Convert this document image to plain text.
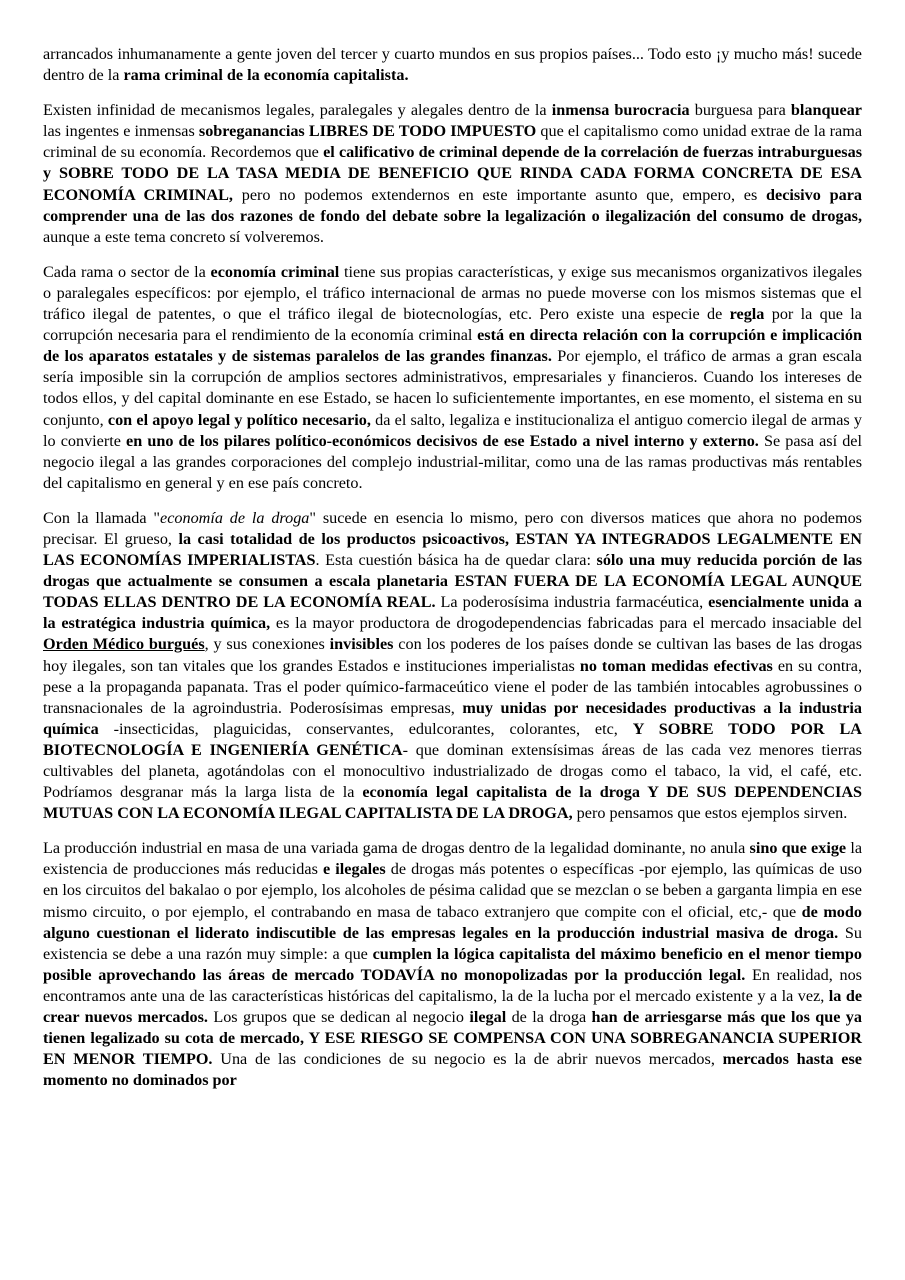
arrancados inhumanamente a gente joven del tercer y cuarto mundos en sus propios países... Todo esto ¡y mucho más! sucede dentro de la rama criminal de la economía capitalista.

Existen infinidad de mecanismos legales, paralegales y alegales dentro de la inmensa burocracia burguesa para blanquear las ingentes e inmensas sobreganancias LIBRES DE TODO IMPUESTO que el capitalismo como unidad extrae de la rama criminal de su economía. Recordemos que el calificativo de criminal depende de la correlación de fuerzas intraburguesas y SOBRE TODO DE LA TASA MEDIA DE BENEFICIO QUE RINDA CADA FORMA CONCRETA DE ESA ECONOMÍA CRIMINAL, pero no podemos extendernos en este importante asunto que, empero, es decisivo para comprender una de las dos razones de fondo del debate sobre la legalización o ilegalización del consumo de drogas, aunque a este tema concreto sí volveremos.

Cada rama o sector de la economía criminal tiene sus propias características, y exige sus mecanismos organizativos ilegales o paralegales específicos: por ejemplo, el tráfico internacional de armas no puede moverse con los mismos sistemas que el tráfico ilegal de patentes, o que el tráfico ilegal de biotecnologías, etc. Pero existe una especie de regla por la que la corrupción necesaria para el rendimiento de la economía criminal está en directa relación con la corrupción e implicación de los aparatos estatales y de sistemas paralelos de las grandes finanzas. Por ejemplo, el tráfico de armas a gran escala sería imposible sin la corrupción de amplios sectores administrativos, empresariales y financieros. Cuando los intereses de todos ellos, y del capital dominante en ese Estado, se hacen lo suficientemente importantes, en ese momento, el sistema en su conjunto, con el apoyo legal y político necesario, da el salto, legaliza e institucionaliza el antiguo comercio ilegal de armas y lo convierte en uno de los pilares político-económicos decisivos de ese Estado a nivel interno y externo. Se pasa así del negocio ilegal a las grandes corporaciones del complejo industrial-militar, como una de las ramas productivas más rentables del capitalismo en general y en ese país concreto.

Con la llamada "economía de la droga" sucede en esencia lo mismo, pero con diversos matices que ahora no podemos precisar. El grueso, la casi totalidad de los productos psicoactivos, ESTAN YA INTEGRADOS LEGALMENTE EN LAS ECONOMÍAS IMPERIALISTAS. Esta cuestión básica ha de quedar clara: sólo una muy reducida porción de las drogas que actualmente se consumen a escala planetaria ESTAN FUERA DE LA ECONOMÍA LEGAL AUNQUE TODAS ELLAS DENTRO DE LA ECONOMÍA REAL. La poderosísima industria farmacéutica, esencialmente unida a la estratégica industria química, es la mayor productora de drogodependencias fabricadas para el mercado insaciable del Orden Médico burgués, y sus conexiones invisibles con los poderes de los países donde se cultivan las bases de las drogas hoy ilegales, son tan vitales que los grandes Estados e instituciones imperialistas no toman medidas efectivas en su contra, pese a la propaganda papanata. Tras el poder químico-farmaceútico viene el poder de las también intocables agrobussines o transnacionales de la agroindustria. Poderosísimas empresas, muy unidas por necesidades productivas a la industria química -insecticidas, plaguicidas, conservantes, edulcorantes, colorantes, etc, Y SOBRE TODO POR LA BIOTECNOLOGÍA E INGENIERÍA GENÉTICA- que dominan extensísimas áreas de las cada vez menores tierras cultivables del planeta, agotándolas con el monocultivo industrializado de drogas como el tabaco, la vid, el café, etc. Podríamos desgranar más la larga lista de la economía legal capitalista de la droga Y DE SUS DEPENDENCIAS MUTUAS CON LA ECONOMÍA ILEGAL CAPITALISTA DE LA DROGA, pero pensamos que estos ejemplos sirven.

La producción industrial en masa de una variada gama de drogas dentro de la legalidad dominante, no anula sino que exige la existencia de producciones más reducidas e ilegales de drogas más potentes o específicas -por ejemplo, las químicas de uso en los circuitos del bakalao o por ejemplo, los alcoholes de pésima calidad que se mezclan o se beben a garganta limpia en ese mismo circuito, o por ejemplo, el contrabando en masa de tabaco extranjero que compite con el oficial, etc,- que de modo alguno cuestionan el liderato indiscutible de las empresas legales en la producción industrial masiva de droga. Su existencia se debe a una razón muy simple: a que cumplen la lógica capitalista del máximo beneficio en el menor tiempo posible aprovechando las áreas de mercado TODAVÍA no monopolizadas por la producción legal. En realidad, nos encontramos ante una de las características históricas del capitalismo, la de la lucha por el mercado existente y a la vez, la de crear nuevos mercados. Los grupos que se dedican al negocio ilegal de la droga han de arriesgarse más que los que ya tienen legalizado su cota de mercado, Y ESE RIESGO SE COMPENSA CON UNA SOBREGANANCIA SUPERIOR EN MENOR TIEMPO. Una de las condiciones de su negocio es la de abrir nuevos mercados, mercados hasta ese momento no dominados por
